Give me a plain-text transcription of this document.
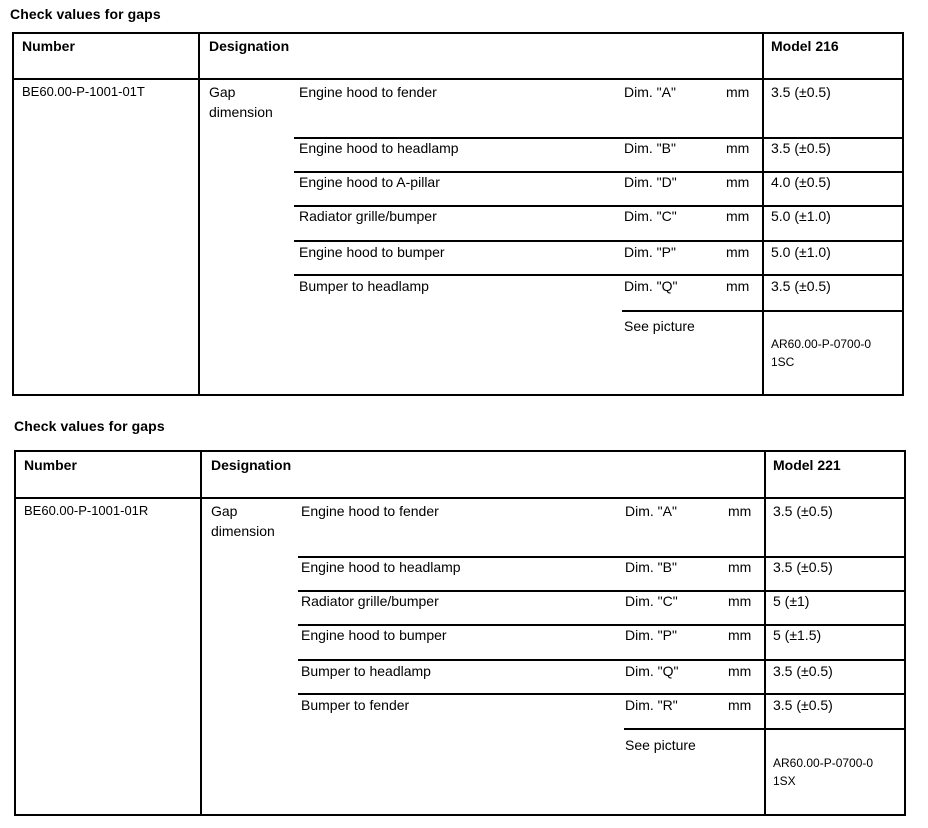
Check values for gaps
Number	Designation	Model 216
BE60.00-P-1001-01T	Gap
dimension
Engine hood to fender	Dim. "A"	mm 3.5 (±0.5)
Engine hood to headlamp	Dim. "B"	mm 3.5 (±0.5)
Engine hood to A-pillar	Dim. "D"	mm 4.0 (±0.5)
Radiator grille/bumper	Dim. "C"	mm 5.0 (±1.0)
Engine hood to bumper	Dim. "P"	mm 5.0 (±1.0)
Bumper to headlamp	Dim. "Q"	mm 3.5 (±0.5)
See picture
AR60.00-P-0700-0
1SC
Check values for gaps
Number	Designation	Model 221
BE60.00-P-1001-01R	Gap
dimension
Engine hood to fender	Dim. "A"	mm 3.5 (±0.5)
Engine hood to headlamp	Dim. "B"	mm 3.5 (±0.5)
Radiator grille/bumper	Dim. "C"	mm 5 (±1)
Engine hood to bumper	Dim. "P"	mm 5 (±1.5)
Bumper to headlamp	Dim. "Q"	mm 3.5 (±0.5)
Bumper to fender	Dim. "R"	mm 3.5 (±0.5)
See picture
AR60.00-P-0700-0
1SX
